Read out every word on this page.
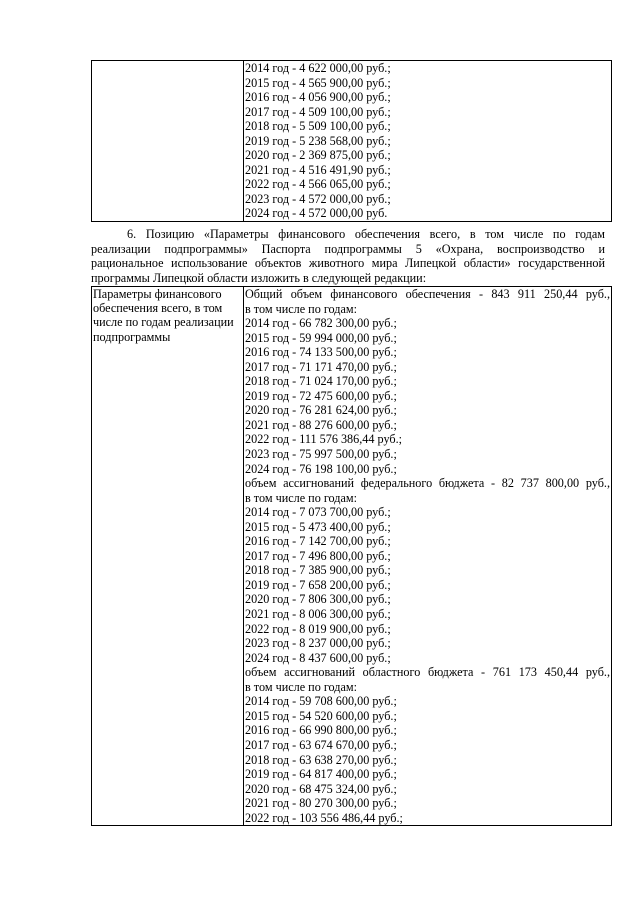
2014 год - 4 622 000,00 руб.;
2015 год - 4 565 900,00 руб.;
2016 год - 4 056 900,00 руб.;
2017 год - 4 509 100,00 руб.;
2018 год - 5 509 100,00 руб.;
2019 год - 5 238 568,00 руб.;
2020 год - 2 369 875,00 руб.;
2021 год - 4 516 491,90 руб.;
2022 год - 4 566 065,00 руб.;
2023 год - 4 572 000,00 руб.;
2024 год - 4 572 000,00 руб.
6. Позицию «Параметры финансового обеспечения всего, в том числе по годам
реализации подпрограммы» Паспорта подпрограммы 5 «Охрана, воспроизводство и
рациональное использование объектов животного мира Липецкой области» государственной
программы Липецкой области изложить в следующей редакции:
Параметры финансового
обеспечения всего, в том
числе по годам реализации
подпрограммы

Общий объем финансового обеспечения - 843 911 250,44 руб.,
в том числе по годам:
2014 год - 66 782 300,00 руб.;
2015 год - 59 994 000,00 руб.;
2016 год - 74 133 500,00 руб.;
2017 год - 71 171 470,00 руб.;
2018 год - 71 024 170,00 руб.;
2019 год - 72 475 600,00 руб.;
2020 год - 76 281 624,00 руб.;
2021 год - 88 276 600,00 руб.;
2022 год - 111 576 386,44 руб.;
2023 год - 75 997 500,00 руб.;
2024 год - 76 198 100,00 руб.;
объем ассигнований федерального бюджета - 82 737 800,00 руб.,
в том числе по годам:
2014 год - 7 073 700,00 руб.;
2015 год - 5 473 400,00 руб.;
2016 год - 7 142 700,00 руб.;
2017 год - 7 496 800,00 руб.;
2018 год - 7 385 900,00 руб.;
2019 год - 7 658 200,00 руб.;
2020 год - 7 806 300,00 руб.;
2021 год - 8 006 300,00 руб.;
2022 год - 8 019 900,00 руб.;
2023 год - 8 237 000,00 руб.;
2024 год - 8 437 600,00 руб.;
объем ассигнований областного бюджета - 761 173 450,44 руб.,
в том числе по годам:
2014 год - 59 708 600,00 руб.;
2015 год - 54 520 600,00 руб.;
2016 год - 66 990 800,00 руб.;
2017 год - 63 674 670,00 руб.;
2018 год - 63 638 270,00 руб.;
2019 год - 64 817 400,00 руб.;
2020 год - 68 475 324,00 руб.;
2021 год - 80 270 300,00 руб.;
2022 год - 103 556 486,44 руб.;
